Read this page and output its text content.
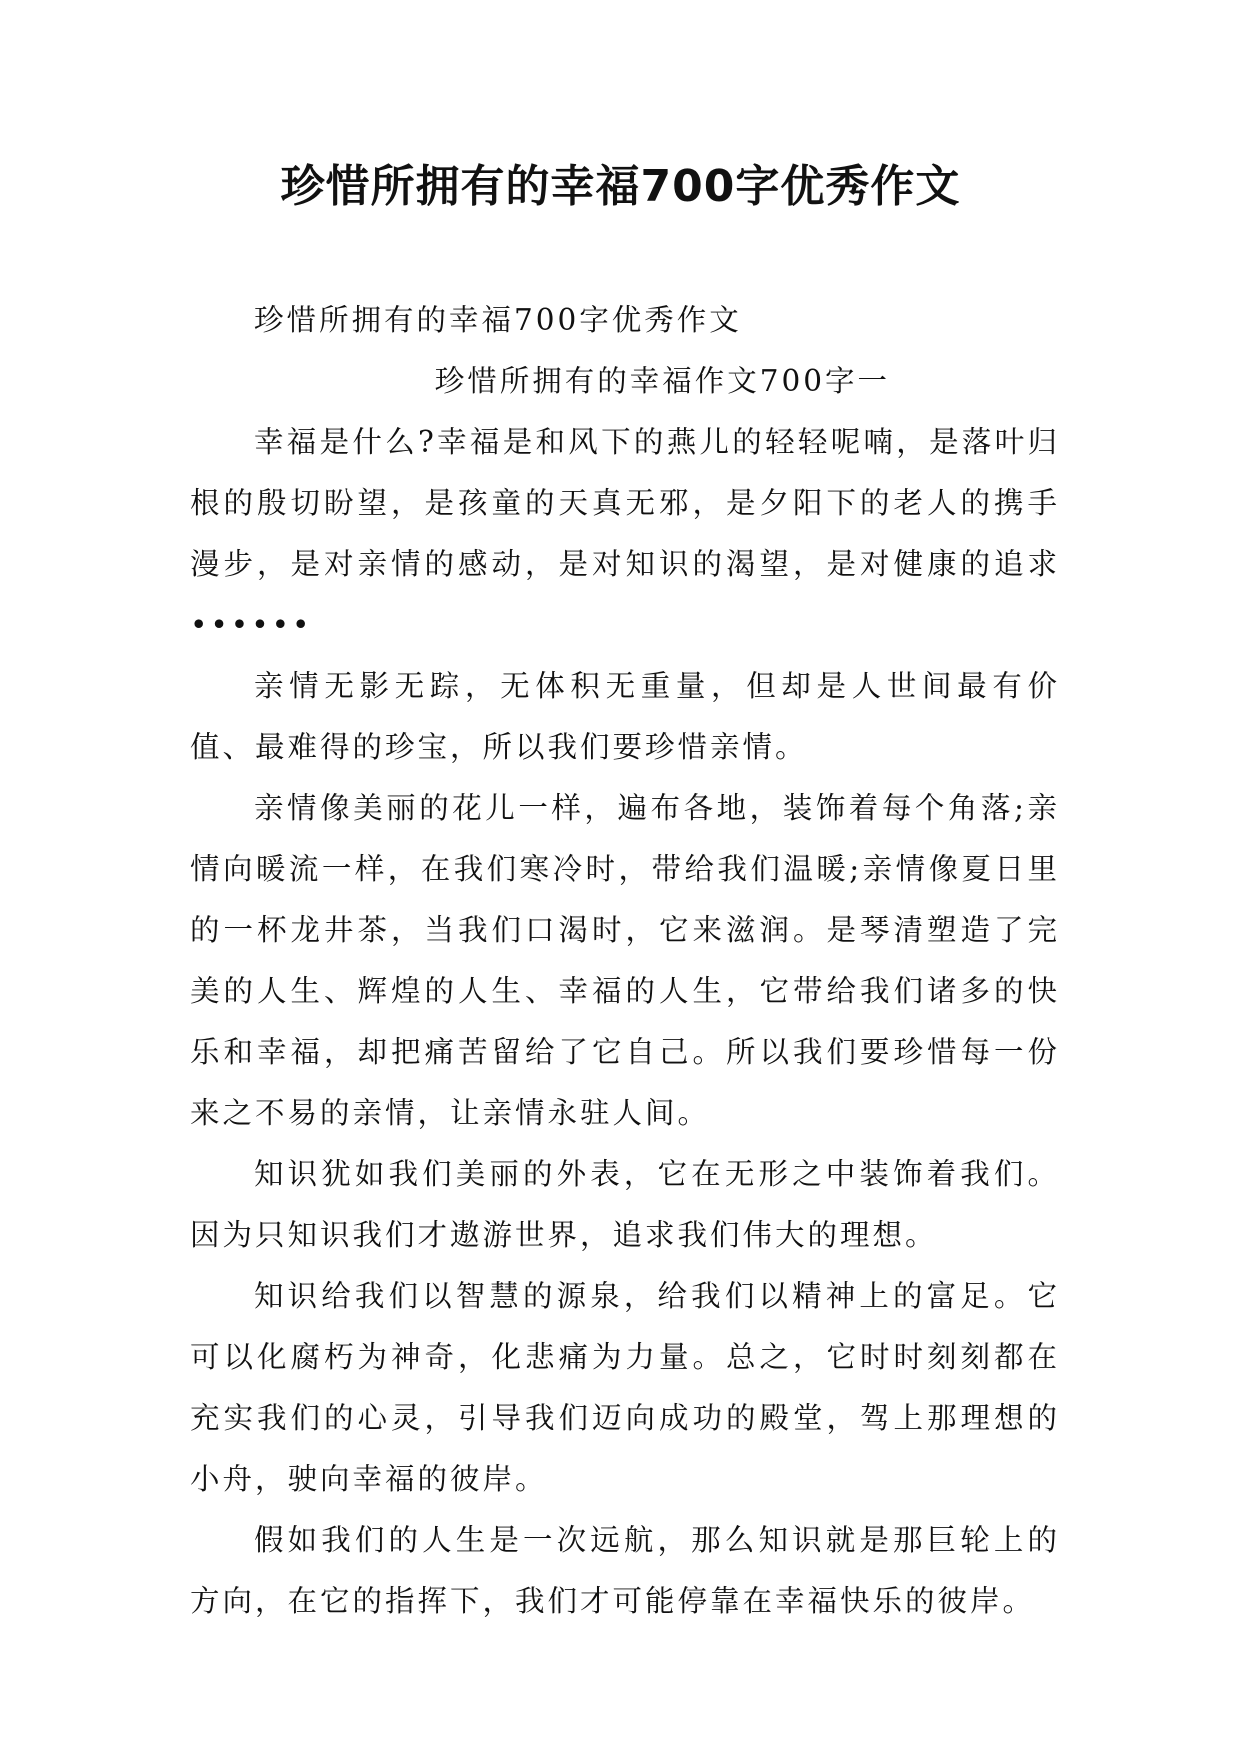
珍惜所拥有的幸福700字优秀作文

珍惜所拥有的幸福700字优秀作文

珍惜所拥有的幸福作文700字一

幸福是什么?幸福是和风下的燕儿的轻轻呢喃，是落叶归根的殷切盼望，是孩童的天真无邪，是夕阳下的老人的携手漫步，是对亲情的感动，是对知识的渴望，是对健康的追求••••••

亲情无影无踪，无体积无重量，但却是人世间最有价值、最难得的珍宝，所以我们要珍惜亲情。

亲情像美丽的花儿一样，遍布各地，装饰着每个角落;亲情向暖流一样，在我们寒冷时，带给我们温暖;亲情像夏日里的一杯龙井茶，当我们口渴时，它来滋润。是琴清塑造了完美的人生、辉煌的人生、幸福的人生，它带给我们诸多的快乐和幸福，却把痛苦留给了它自己。所以我们要珍惜每一份来之不易的亲情，让亲情永驻人间。

知识犹如我们美丽的外表，它在无形之中装饰着我们。因为只知识我们才遨游世界，追求我们伟大的理想。

知识给我们以智慧的源泉，给我们以精神上的富足。它可以化腐朽为神奇，化悲痛为力量。总之，它时时刻刻都在充实我们的心灵，引导我们迈向成功的殿堂，驾上那理想的小舟，驶向幸福的彼岸。

假如我们的人生是一次远航，那么知识就是那巨轮上的方向，在它的指挥下，我们才可能停靠在幸福快乐的彼岸。
